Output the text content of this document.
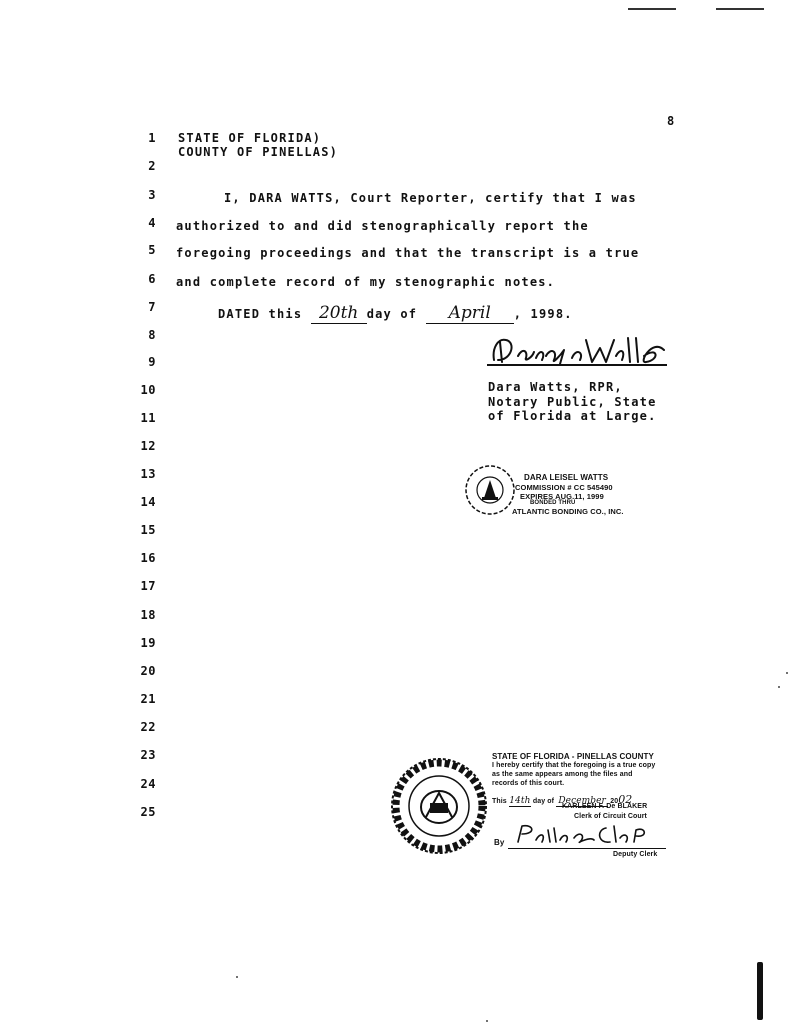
8
1
2
3
4
5
6
7
8
9
10
11
12
13
14
15
16
17
18
19
20
21
22
23
24
25
STATE OF FLORIDA)
COUNTY OF PINELLAS)
I, DARA WATTS, Court Reporter, certify that I was
authorized to and did stenographically report the
foregoing proceedings and that the transcript is a true
and complete record of my stenographic notes.
DATED this 20th day of April , 1998.
Dara Watts, RPR,
Notary Public, State
of Florida at Large.
DARA LEISEL WATTS
COMMISSION # CC 545490
EXPIRES AUG.11, 1999
BONDED THRU
ATLANTIC BONDING CO., INC.
STATE OF FLORIDA - PINELLAS COUNTY
I hereby certify that the foregoing is a true copy
as the same appears among the files and
records of this court.
This 14th day of December 2002
KARLEEN F. De BLAKER
Clerk of Circuit Court
By
Deputy Clerk
